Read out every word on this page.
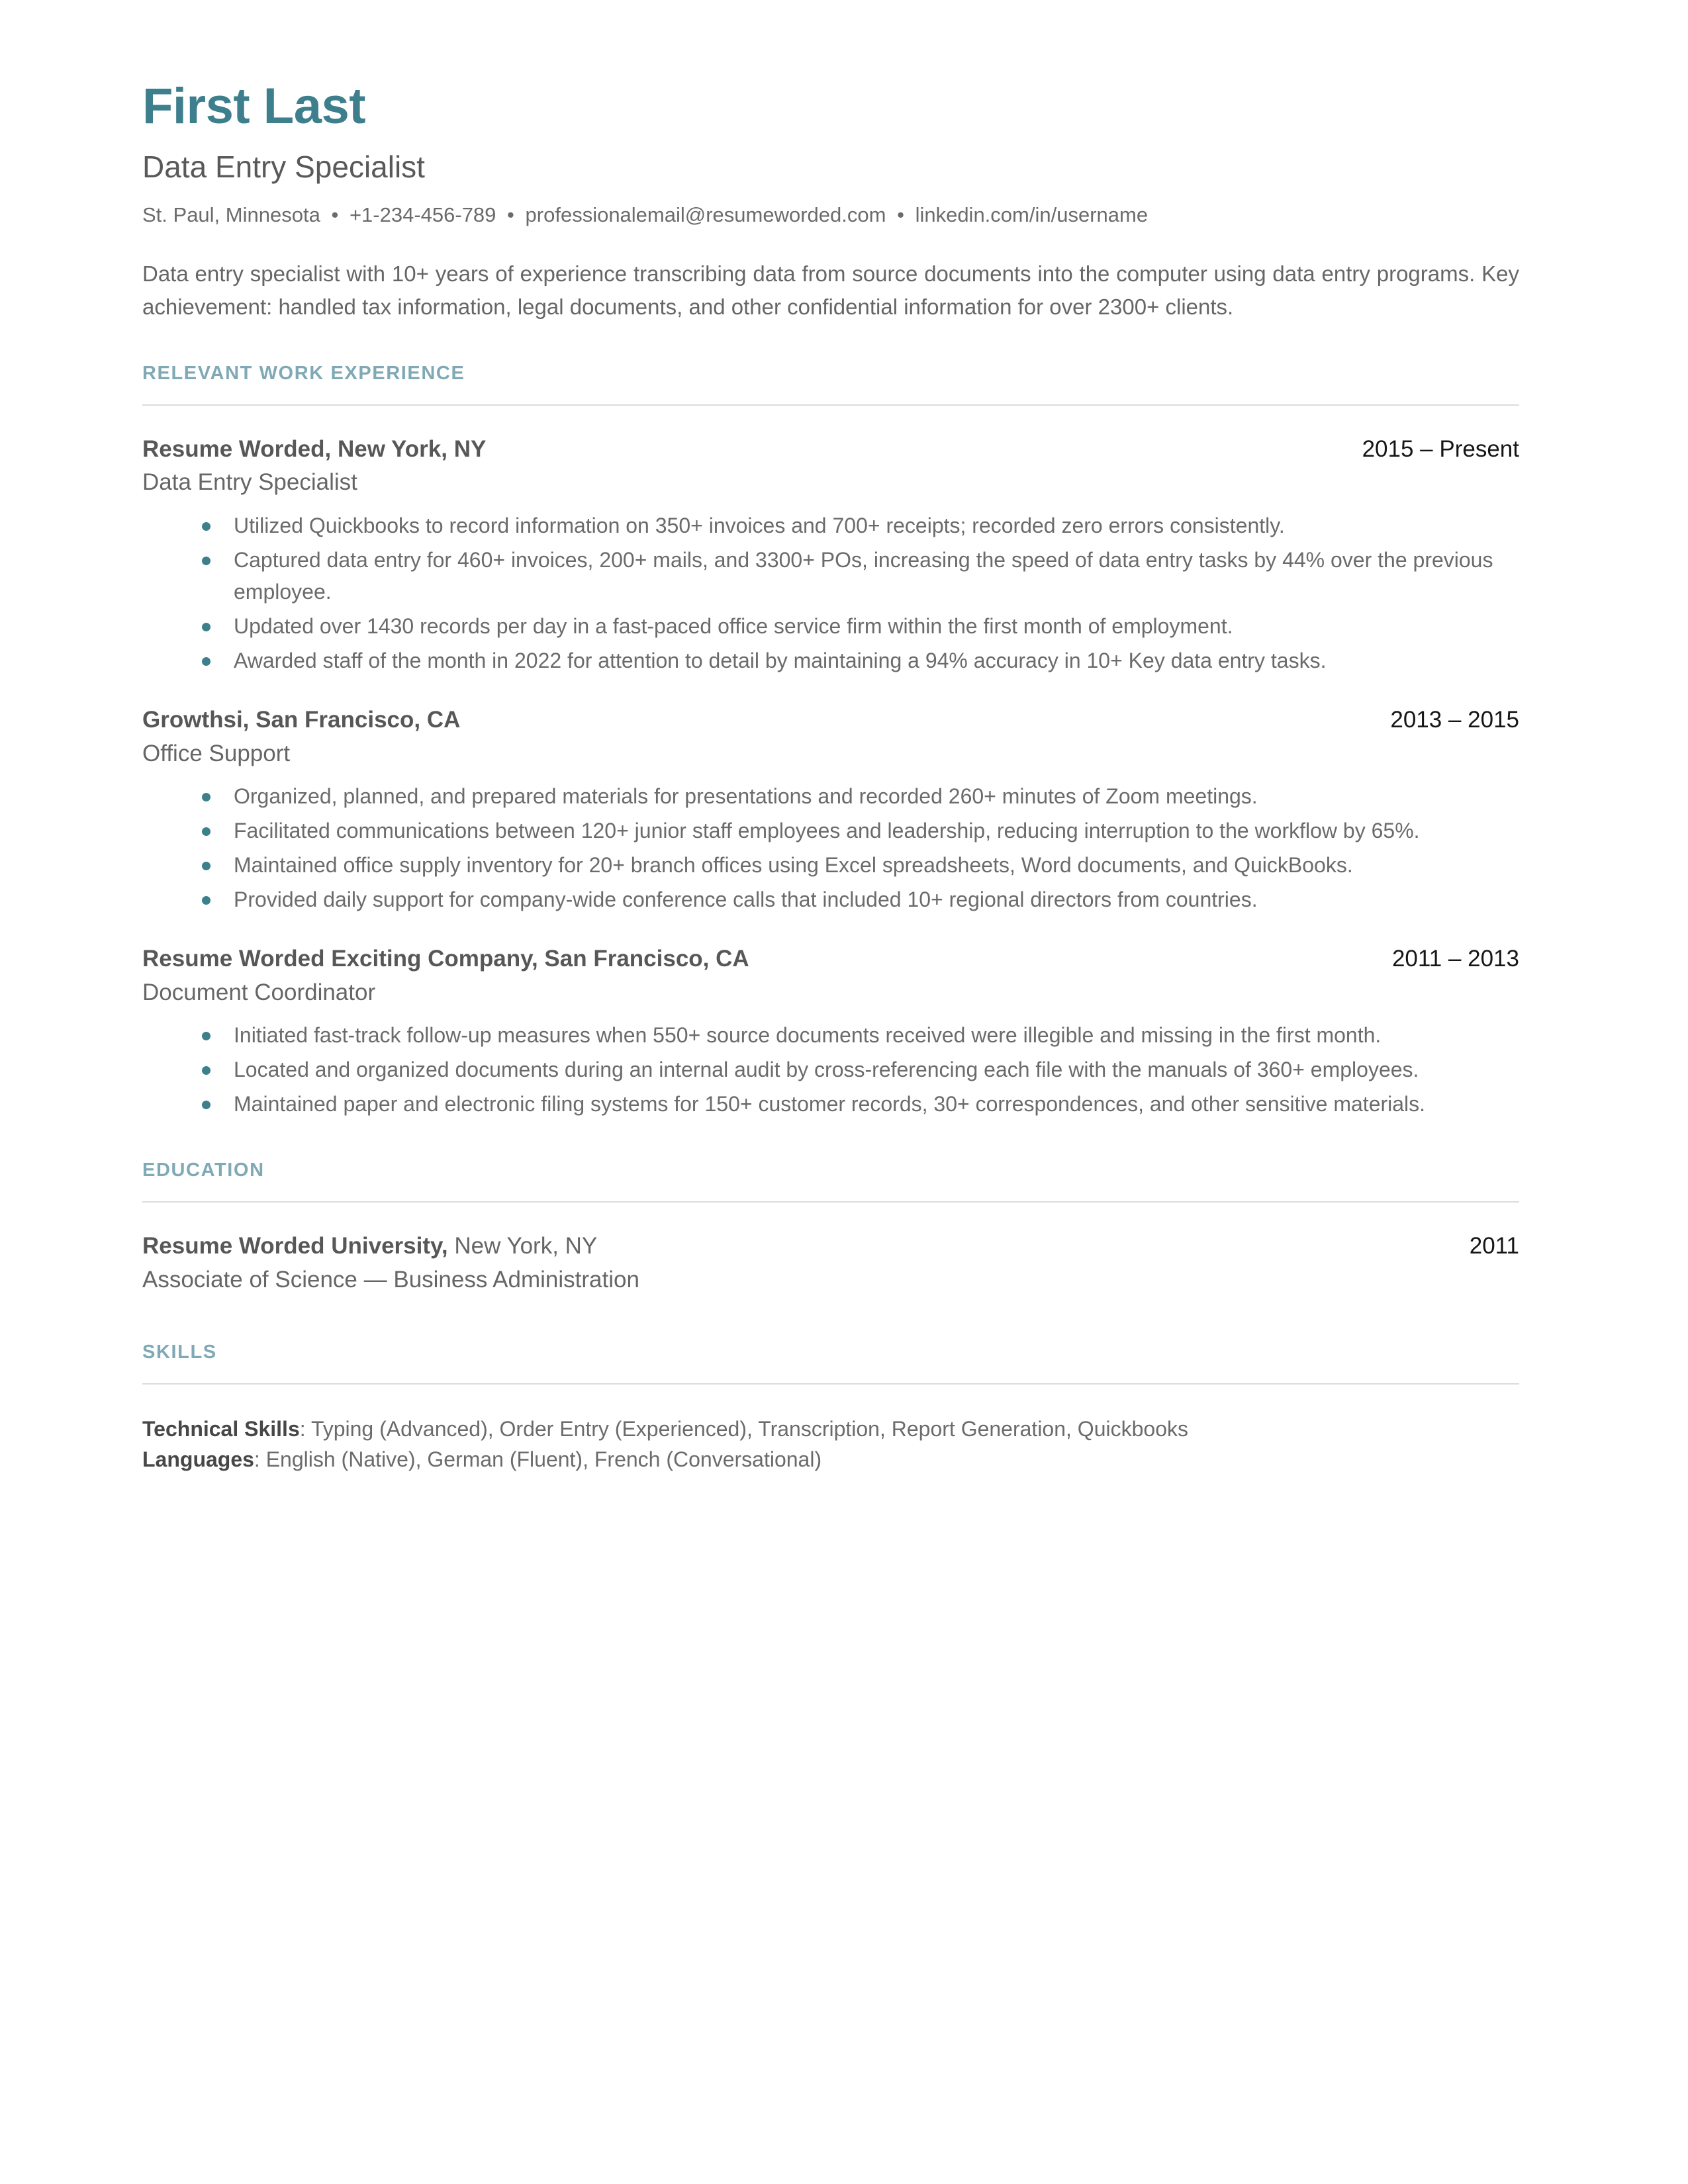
First Last
Data Entry Specialist
St. Paul, Minnesota • +1-234-456-789 • professionalemail@resumeworded.com • linkedin.com/in/username
Data entry specialist with 10+ years of experience transcribing data from source documents into the computer using data entry programs. Key achievement: handled tax information, legal documents, and other confidential information for over 2300+ clients.
RELEVANT WORK EXPERIENCE
Resume Worded, New York, NY	2015 – Present
Data Entry Specialist
Utilized Quickbooks to record information on 350+ invoices and 700+ receipts; recorded zero errors consistently.
Captured data entry for 460+ invoices, 200+ mails, and 3300+ POs, increasing the speed of data entry tasks by 44% over the previous employee.
Updated over 1430 records per day in a fast-paced office service firm within the first month of employment.
Awarded staff of the month in 2022 for attention to detail by maintaining a 94% accuracy in 10+ Key data entry tasks.
Growthsi, San Francisco, CA	2013 – 2015
Office Support
Organized, planned, and prepared materials for presentations and recorded 260+ minutes of Zoom meetings.
Facilitated communications between 120+ junior staff employees and leadership, reducing interruption to the workflow by 65%.
Maintained office supply inventory for 20+ branch offices using Excel spreadsheets, Word documents, and QuickBooks.
Provided daily support for company-wide conference calls that included 10+ regional directors from countries.
Resume Worded Exciting Company, San Francisco, CA	2011 – 2013
Document Coordinator
Initiated fast-track follow-up measures when 550+ source documents received were illegible and missing in the first month.
Located and organized documents during an internal audit by cross-referencing each file with the manuals of 360+ employees.
Maintained paper and electronic filing systems for 150+ customer records, 30+ correspondences, and other sensitive materials.
EDUCATION
Resume Worded University, New York, NY	2011
Associate of Science — Business Administration
SKILLS
Technical Skills: Typing (Advanced), Order Entry (Experienced), Transcription, Report Generation, Quickbooks
Languages: English (Native), German (Fluent), French (Conversational)
